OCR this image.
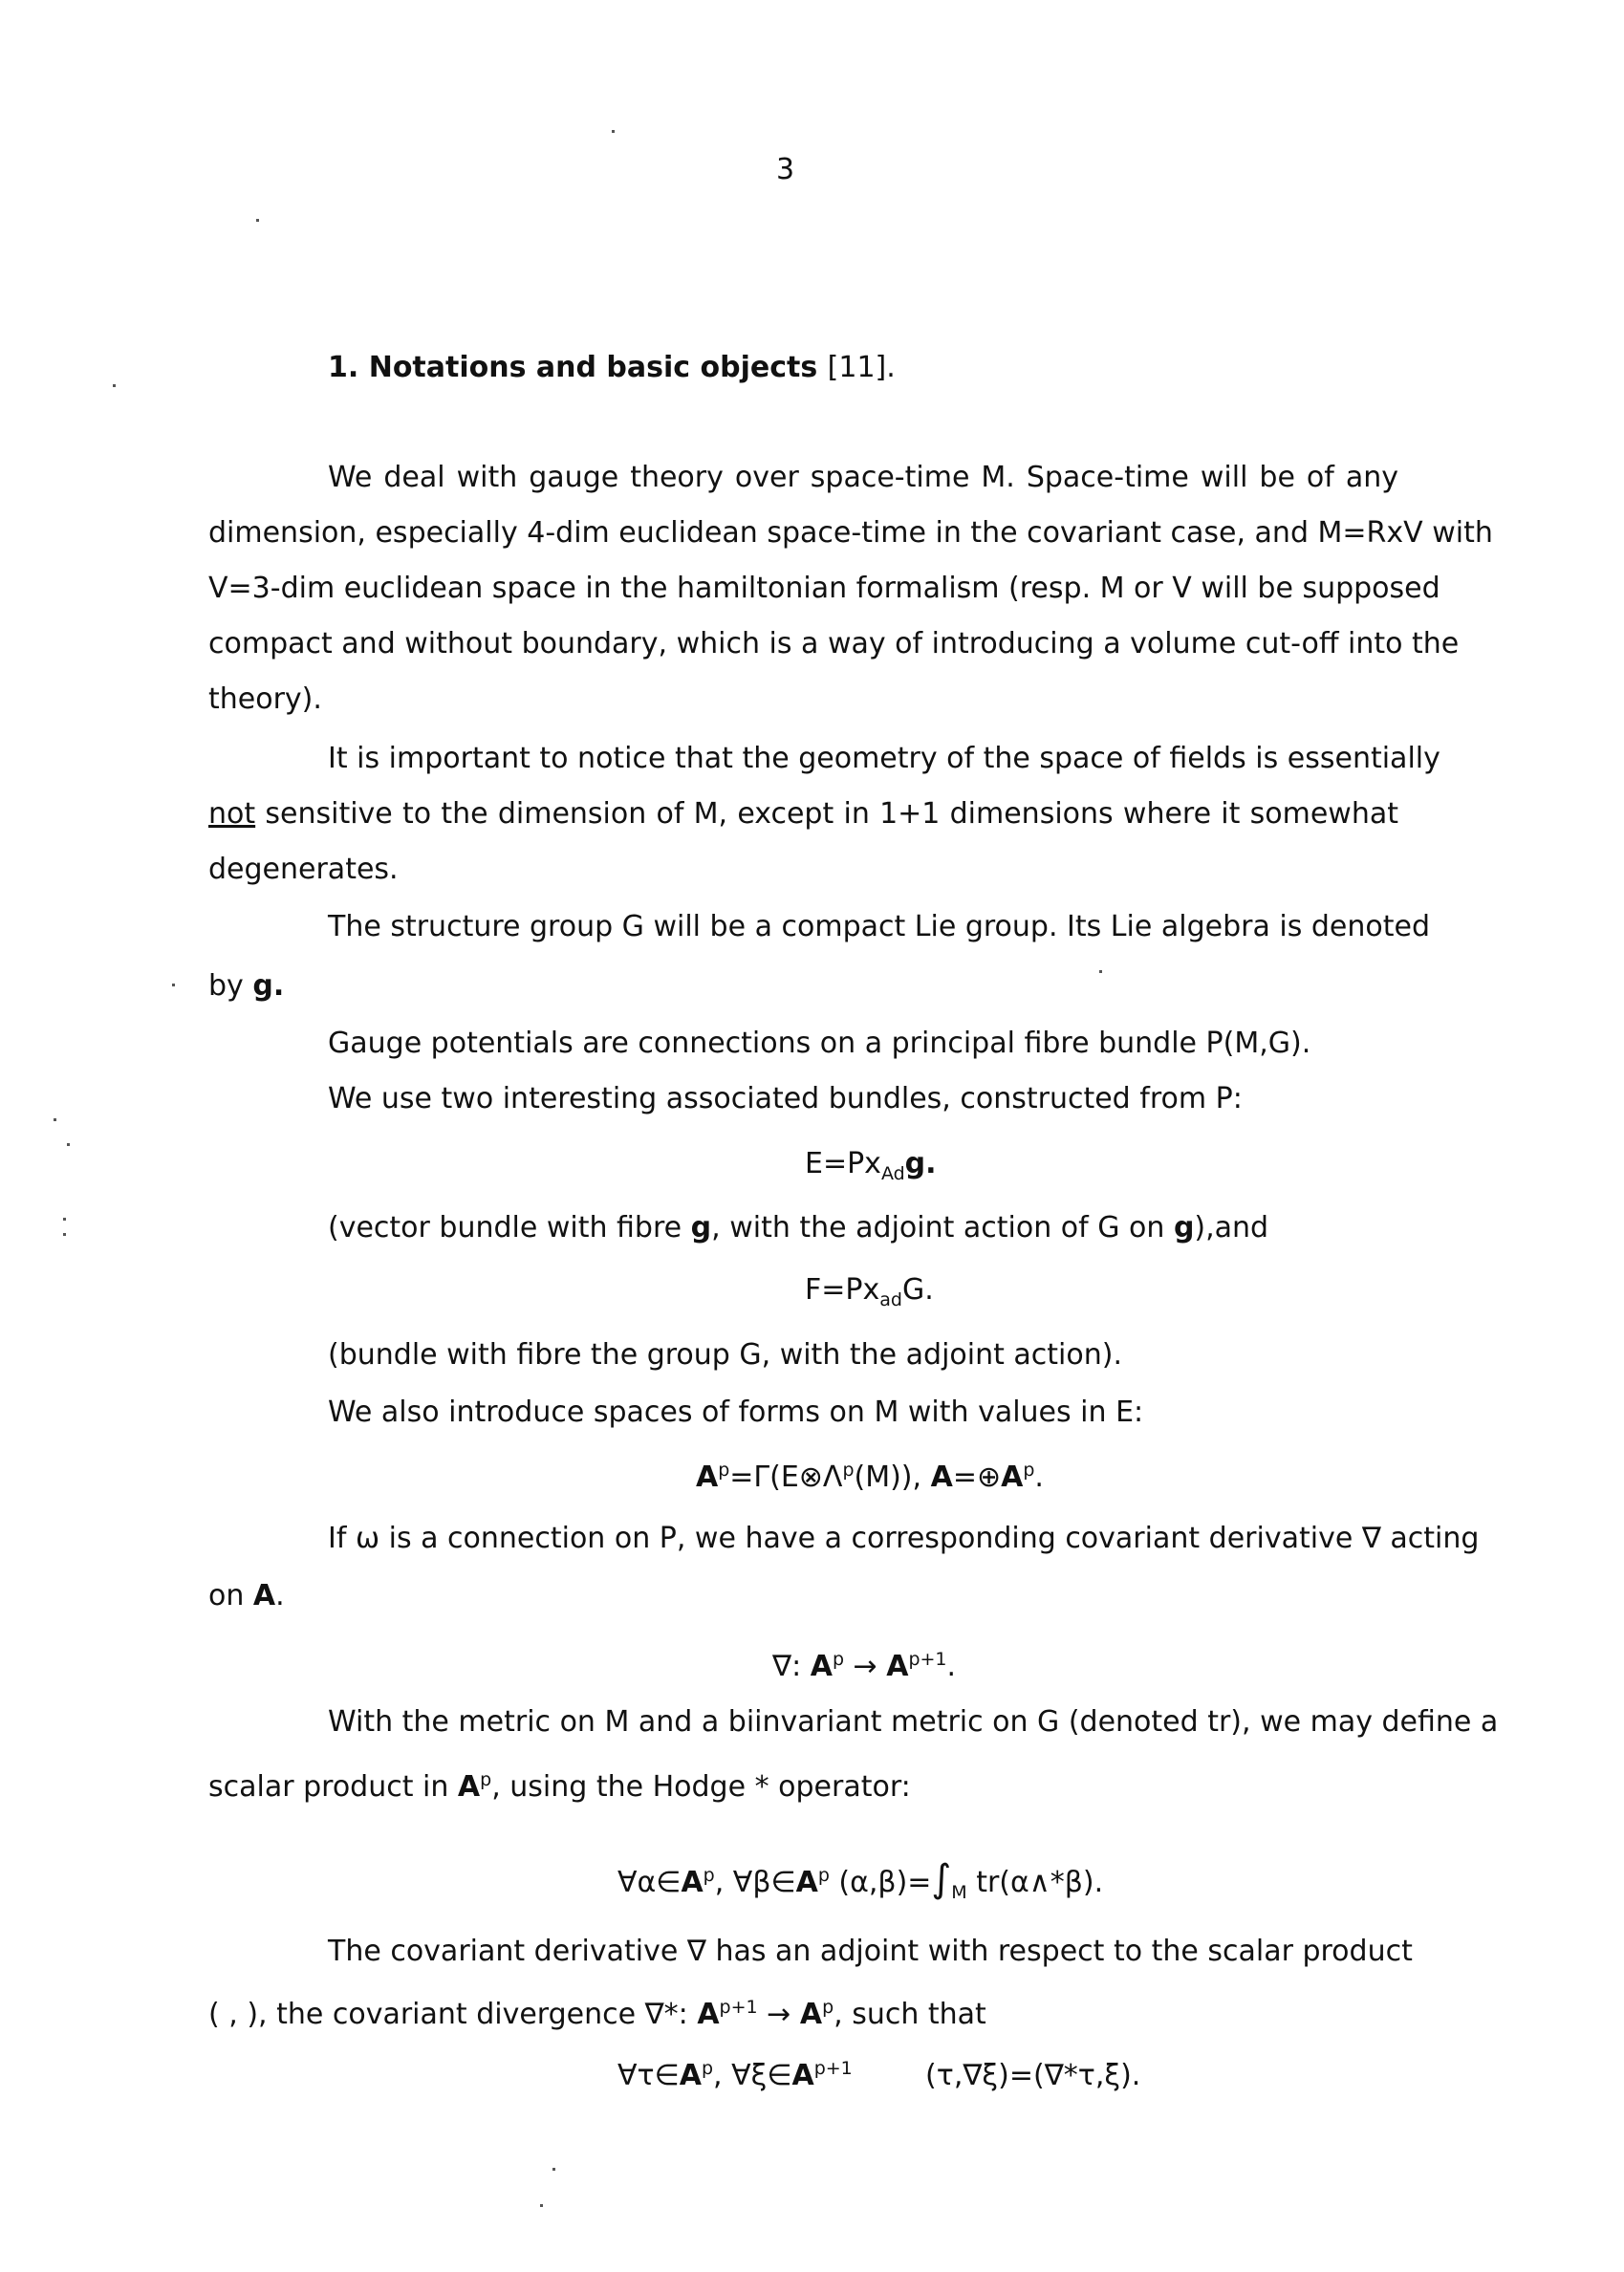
3
1. Notations and basic objects [11].
We deal with gauge theory over space-time M. Space-time will be of any
dimension, especially 4-dim euclidean space-time in the covariant case, and M=RxV with
V=3-dim euclidean space in the hamiltonian formalism (resp. M or V will be supposed
compact and without boundary, which is a way of introducing a volume cut-off into the
theory).
It is important to notice that the geometry of the space of fields is essentially
not sensitive to the dimension of M, except in 1+1 dimensions where it somewhat
degenerates.
The structure group G will be a compact Lie group. Its Lie algebra is denoted
by g.
Gauge potentials are connections on a principal fibre bundle P(M,G).
We use two interesting associated bundles, constructed from P:
$E=Px_{Ad}g$.
(vector bundle with fibre g, with the adjoint action of G on g),and
$F=Px_{ad}G$.
(bundle with fibre the group G, with the adjoint action).
We also introduce spaces of forms on M with values in E:
$A^p=\Gamma(E\otimes\Lambda^p(M))$, $A=\oplus A^p$.
If ω is a connection on P, we have a corresponding covariant derivative ∇ acting
on A.
∇: $A^p \to A^{p+1}$.
With the metric on M and a biinvariant metric on G (denoted tr), we may define a
scalar product in $A^p$, using the Hodge * operator:
$\forall\alpha\in A^p$, $\forall\beta\in A^p$ $(\alpha,\beta)=\int_M$ tr(α∧*β).
The covariant derivative ∇ has an adjoint with respect to the scalar product
( , ), the covariant divergence ∇*: $A^{p+1} \to A^p$, such that
$\forall\tau\in A^p$, $\forall\xi\in A^{p+1}$        (τ,∇ξ)=(∇*τ,ξ).
